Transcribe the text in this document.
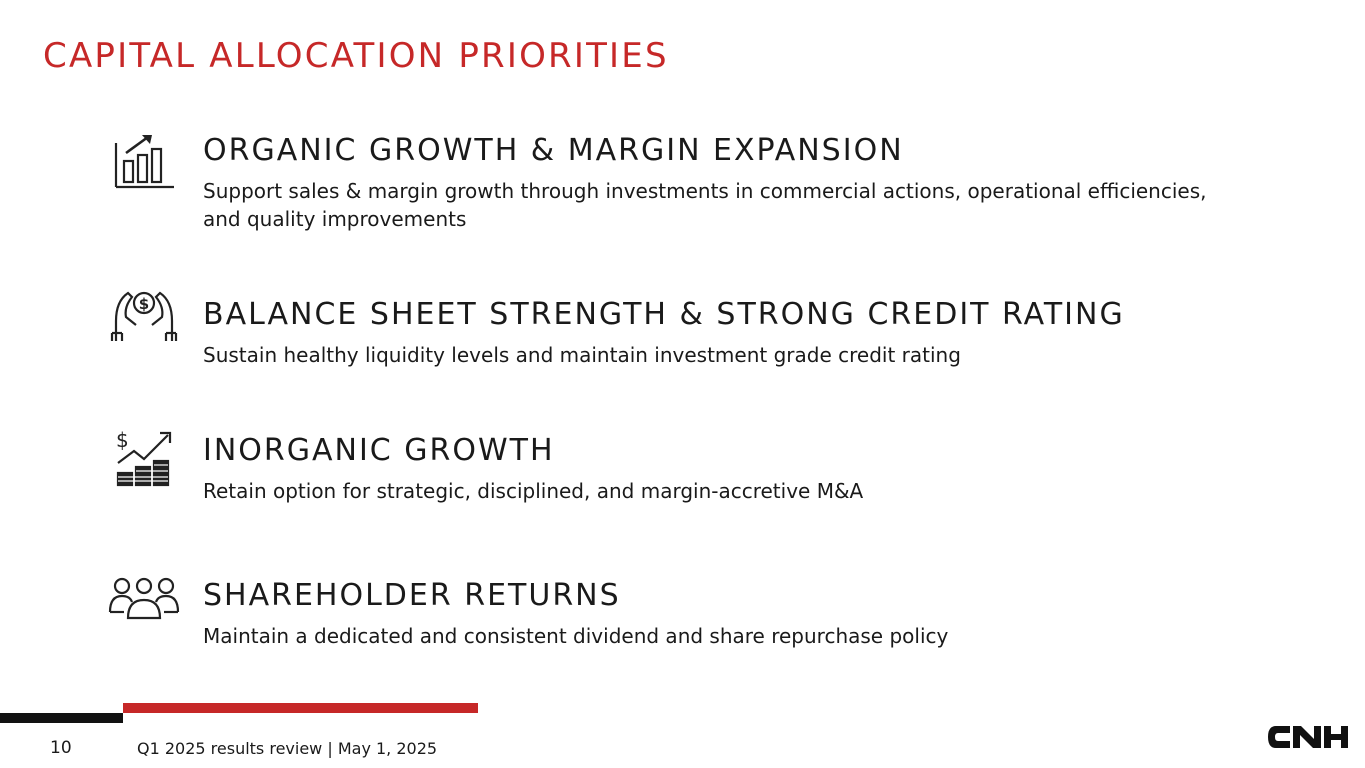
CAPITAL ALLOCATION PRIORITIES
ORGANIC GROWTH & MARGIN EXPANSION

Support sales & margin growth through investments in commercial actions, operational efficiencies, and quality improvements

$ BALANCE SHEET STRENGTH & STRONG CREDIT RATING

Sustain healthy liquidity levels and maintain investment grade credit rating

$ INORGANIC GROWTH

Retain option for strategic, disciplined, and margin-accretive M&A

SHAREHOLDER RETURNS

Maintain a dedicated and consistent dividend and share repurchase policy

10	Q1 2025 results review | May 1, 2025
